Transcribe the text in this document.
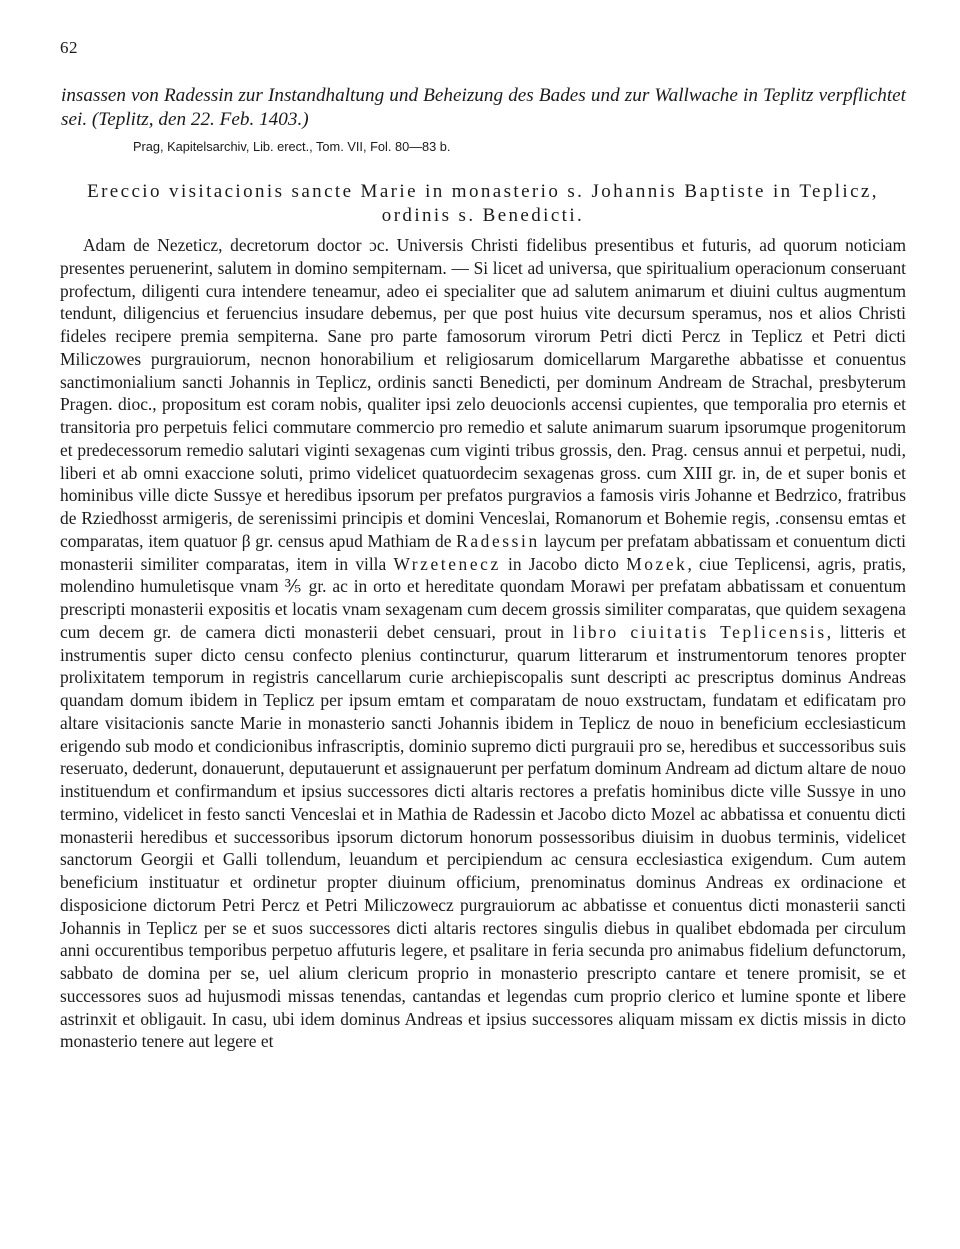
62
insassen von Radessin zur Instandhaltung und Beheizung des Bades und zur Wallwache in Teplitz verpflichtet sei. (Teplitz, den 22. Feb. 1403.)
Prag, Kapitelsarchiv, Lib. erect., Tom. VII, Fol. 80—83 b.
Ereccio visitacionis sancte Marie in monasterio s. Johannis Baptiste in Teplicz,
ordinis s. Benedicti.

Adam de Nezeticz, decretorum doctor ɔc. Universis Christi fidelibus presentibus et futuris, ad quorum noticiam presentes peruenerint, salutem in domino sempiternam. — Si licet ad universa, que spiritualium operacionum conseruant profectum, diligenti cura intendere teneamur, adeo ei specialiter que ad salutem animarum et diuini cultus augmentum tendunt, diligencius et feruencius insudare debemus, per que post huius vite decursum speramus, nos et alios Christi fideles recipere premia sempiterna. Sane pro parte famosorum virorum Petri dicti Percz in Teplicz et Petri dicti Miliczowes purgrauiorum, necnon honorabilium et religiosarum domicellarum Margarethe abbatisse et conuentus sanctimonialium sancti Johannis in Teplicz, ordinis sancti Benedicti, per dominum Andream de Strachal, presbyterum Pragen. dioc., propositum est coram nobis, qualiter ipsi zelo deuocionls accensi cupientes, que temporalia pro eternis et transitoria pro perpetuis felici commutare commercio pro remedio et salute animarum suarum ipsorumque progenitorum et predecessorum remedio salutari viginti sexagenas cum viginti tribus grossis, den. Prag. census annui et perpetui, nudi, liberi et ab omni exaccione soluti, primo videlicet quatuordecim sexagenas gross. cum XIII gr. in, de et super bonis et hominibus ville dicte Sussye et heredibus ipsorum per prefatos purgravios a famosis viris Johanne et Bedrzico, fratribus de Rziedhosst armigeris, de serenissimi principis et domini Venceslai, Romanorum et Bohemie regis, .consensu emtas et comparatas, item quatuor β gr. census apud Mathiam de Radessin laycum per prefatam abbatissam et conuentum dicti monasterii similiter comparatas, item in villa Wrzetenecz in Jacobo dicto Mozek, ciue Teplicensi, agris, pratis, molendino humuletisque vnam ⅗ gr. ac in orto et hereditate quondam Morawi per prefatam abbatissam et conuentum prescripti monasterii expositis et locatis vnam sexagenam cum decem grossis similiter comparatas, que quidem sexagena cum decem gr. de camera dicti monasterii debet censuari, prout in libro ciuitatis Teplicensis, litteris et instrumentis super dicto censu confecto plenius contincturur, quarum litterarum et instrumentorum tenores propter prolixitatem temporum in registris cancellarum curie archiepiscopalis sunt descripti ac prescriptus dominus Andreas quandam domum ibidem in Teplicz per ipsum emtam et comparatam de nouo exstructam, fundatam et edificatam pro altare visitacionis sancte Marie in monasterio sancti Johannis ibidem in Teplicz de nouo in beneficium ecclesiasticum erigendo sub modo et condicionibus infrascriptis, dominio supremo dicti purgrauii pro se, heredibus et successoribus suis reseruato, dederunt, donauerunt, deputauerunt et assignauerunt per perfatum dominum Andream ad dictum altare de nouo instituendum et confirmandum et ipsius successores dicti altaris rectores a prefatis hominibus dicte ville Sussye in uno termino, videlicet in festo sancti Venceslai et in Mathia de Radessin et Jacobo dicto Mozel ac abbatissa et conuentu dicti monasterii heredibus et successoribus ipsorum dictorum honorum possessoribus diuisim in duobus terminis, videlicet sanctorum Georgii et Galli tollendum, leuandum et percipiendum ac censura ecclesiastica exigendum. Cum autem beneficium instituatur et ordinetur propter diuinum officium, prenominatus dominus Andreas ex ordinacione et disposicione dictorum Petri Percz et Petri Miliczowecz purgrauiorum ac abbatisse et conuentus dicti monasterii sancti Johannis in Teplicz per se et suos successores dicti altaris rectores singulis diebus in qualibet ebdomada per circulum anni occurentibus temporibus perpetuo affuturis legere, et psalitare in feria secunda pro animabus fidelium defunctorum, sabbato de domina per se, uel alium clericum proprio in monasterio prescripto cantare et tenere promisit, se et successores suos ad hujusmodi missas tenendas, cantandas et legendas cum proprio clerico et lumine sponte et libere astrinxit et obligauit. In casu, ubi idem dominus Andreas et ipsius successores aliquam missam ex dictis missis in dicto monasterio tenere aut legere et
